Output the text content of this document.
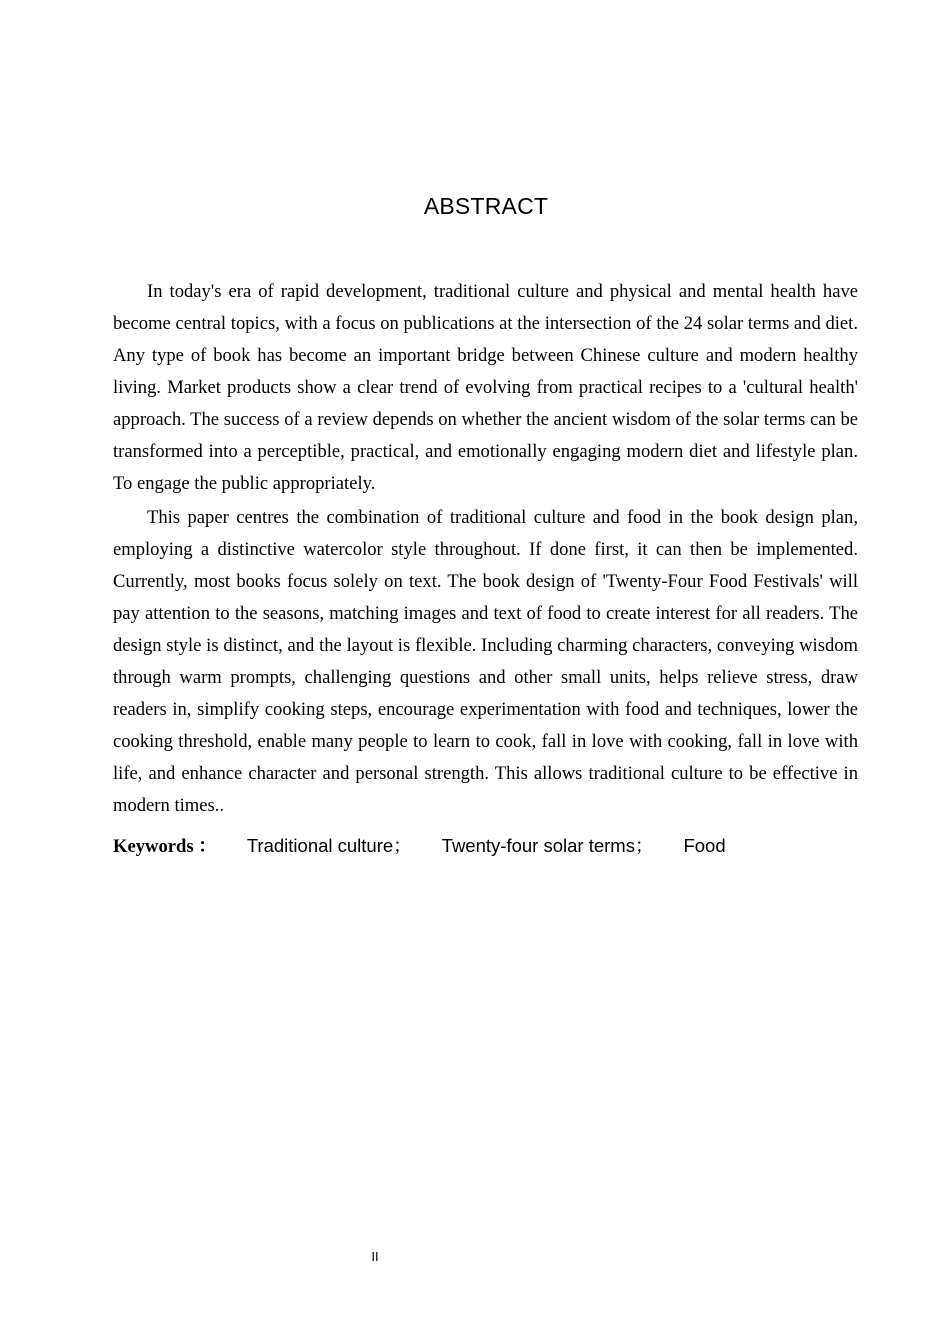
ABSTRACT

In today's era of rapid development, traditional culture and physical and mental health have become central topics, with a focus on publications at the intersection of the 24 solar terms and diet. Any type of book has become an important bridge between Chinese culture and modern healthy living. Market products show a clear trend of evolving from practical recipes to a 'cultural health' approach. The success of a review depends on whether the ancient wisdom of the solar terms can be transformed into a perceptible, practical, and emotionally engaging modern diet and lifestyle plan. To engage the public appropriately.

This paper centres the combination of traditional culture and food in the book design plan, employing a distinctive watercolor style throughout. If done first, it can then be implemented. Currently, most books focus solely on text. The book design of 'Twenty-Four Food Festivals' will pay attention to the seasons, matching images and text of food to create interest for all readers. The design style is distinct, and the layout is flexible. Including charming characters, conveying wisdom through warm prompts, challenging questions and other small units, helps relieve stress, draw readers in, simplify cooking steps, encourage experimentation with food and techniques, lower the cooking threshold, enable many people to learn to cook, fall in love with cooking, fall in love with life, and enhance character and personal strength. This allows traditional culture to be effective in modern times..

Keywords ： Traditional culture； Twenty-four solar terms； Food
II
